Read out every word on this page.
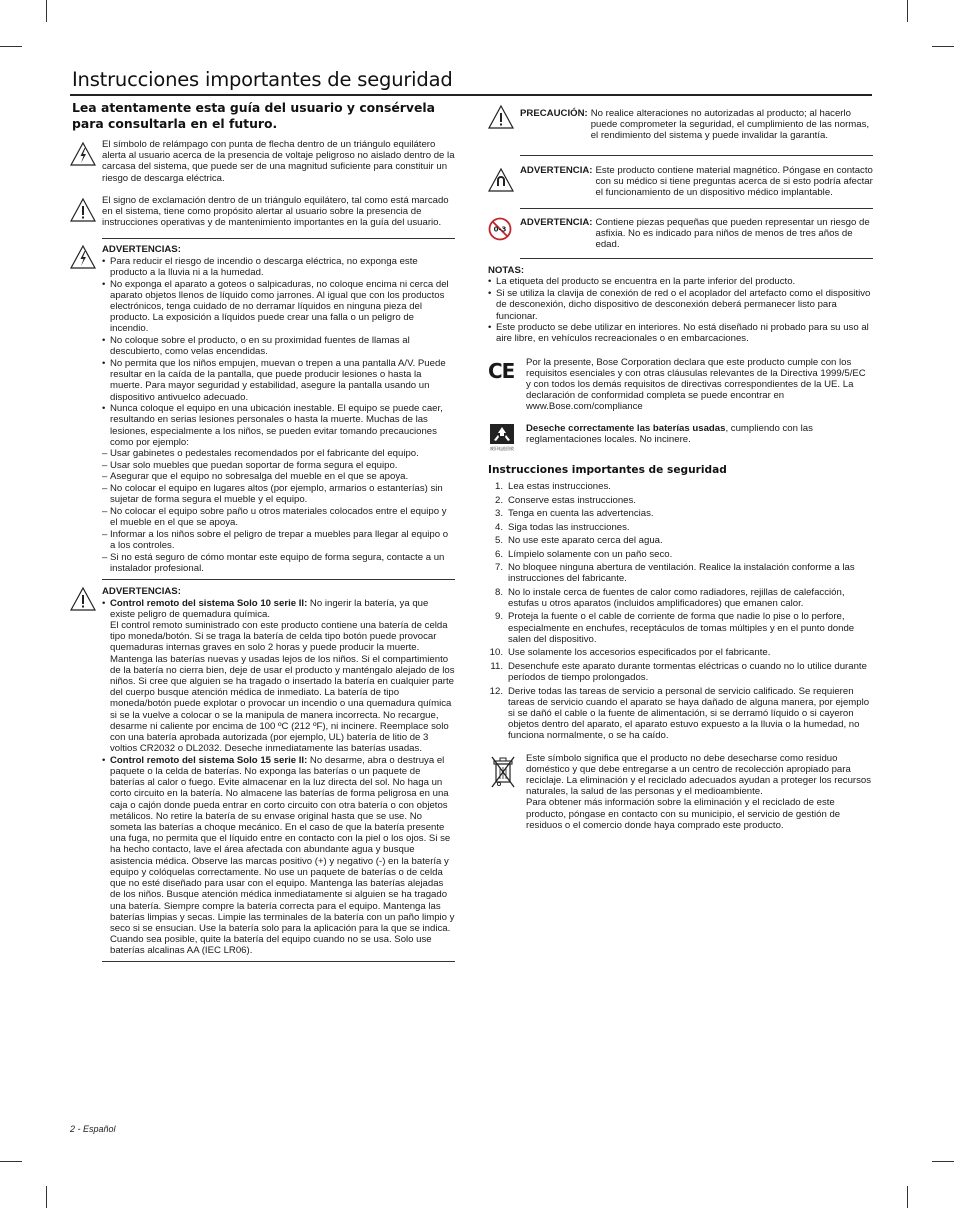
Instrucciones importantes de seguridad
Lea atentamente esta guía del usuario y consérvela para consultarla en el futuro.
El símbolo de relámpago con punta de flecha dentro de un triángulo equilátero alerta al usuario acerca de la presencia de voltaje peligroso no aislado dentro de la carcasa del sistema, que puede ser de una magnitud suficiente para constituir un riesgo de descarga eléctrica.
El signo de exclamación dentro de un triángulo equilátero, tal como está marcado en el sistema, tiene como propósito alertar al usuario sobre la presencia de instrucciones operativas y de mantenimiento importantes en la guía del usuario.
ADVERTENCIAS:
• Para reducir el riesgo de incendio o descarga eléctrica, no exponga este producto a la lluvia ni a la humedad.
• No exponga el aparato a goteos o salpicaduras, no coloque encima ni cerca del aparato objetos llenos de líquido como jarrones. Al igual que con los productos electrónicos, tenga cuidado de no derramar líquidos en ninguna pieza del producto. La exposición a líquidos puede crear una falla o un peligro de incendio.
• No coloque sobre el producto, o en su proximidad fuentes de llamas al descubierto, como velas encendidas.
• No permita que los niños empujen, muevan o trepen a una pantalla A/V. Puede resultar en la caída de la pantalla, que puede producir lesiones o hasta la muerte. Para mayor seguridad y estabilidad, asegure la pantalla usando un dispositivo antivuelco adecuado.
• Nunca coloque el equipo en una ubicación inestable. El equipo se puede caer, resultando en serias lesiones personales o hasta la muerte. Muchas de las lesiones, especialmente a los niños, se pueden evitar tomando precauciones como por ejemplo:
– Usar gabinetes o pedestales recomendados por el fabricante del equipo.
– Usar solo muebles que puedan soportar de forma segura el equipo.
– Asegurar que el equipo no sobresalga del mueble en el que se apoya.
– No colocar el equipo en lugares altos (por ejemplo, armarios o estanterías) sin sujetar de forma segura el mueble y el equipo.
– No colocar el equipo sobre paño u otros materiales colocados entre el equipo y el mueble en el que se apoya.
– Informar a los niños sobre el peligro de trepar a muebles para llegar al equipo o a los controles.
– Si no está seguro de cómo montar este equipo de forma segura, contacte a un instalador profesional.
ADVERTENCIAS:
• Control remoto del sistema Solo 10 serie II: No ingerir la batería, ya que existe peligro de quemadura química.
El control remoto suministrado con este producto contiene una batería de celda tipo moneda/botón. Si se traga la batería de celda tipo botón puede provocar quemaduras internas graves en solo 2 horas y puede producir la muerte. Mantenga las baterías nuevas y usadas lejos de los niños. Si el compartimiento de la batería no cierra bien, deje de usar el producto y manténgalo alejado de los niños. Si cree que alguien se ha tragado o insertado la batería en cualquier parte del cuerpo busque atención médica de inmediato. La batería de tipo moneda/botón puede explotar o provocar un incendio o una quemadura química si se la vuelve a colocar o se la manipula de manera incorrecta. No recargue, desarme ni caliente por encima de 100 ºC (212 ºF), ni incinere. Reemplace solo con una batería aprobada autorizada (por ejemplo, UL) batería de litio de 3 voltios CR2032 o DL2032. Deseche inmediatamente las baterías usadas.
• Control remoto del sistema Solo 15 serie II: No desarme, abra o destruya el paquete o la celda de baterías. No exponga las baterías o un paquete de baterías al calor o fuego. Evite almacenar en la luz directa del sol. No haga un corto circuito en la batería. No almacene las baterías de forma peligrosa en una caja o cajón donde pueda entrar en corto circuito con otra batería o con objetos metálicos. No retire la batería de su envase original hasta que se use. No someta las baterías a choque mecánico. En el caso de que la batería presente una fuga, no permita que el líquido entre en contacto con la piel o los ojos. Si se ha hecho contacto, lave el área afectada con abundante agua y busque asistencia médica. Observe las marcas positivo (+) y negativo (-) en la batería y equipo y colóquelas correctamente. No use un paquete de baterías o de celda que no esté diseñado para usar con el equipo. Mantenga las baterías alejadas de los niños. Busque atención médica inmediatamente si alguien se ha tragado una batería. Siempre compre la batería correcta para el equipo. Mantenga las baterías limpias y secas. Limpie las terminales de la batería con un paño limpio y seco si se ensucian. Use la batería solo para la aplicación para la que se indica. Cuando sea posible, quite la batería del equipo cuando no se usa. Solo use baterías alcalinas AA (IEC LR06).
PRECAUCIÓN: No realice alteraciones no autorizadas al producto; al hacerlo puede comprometer la seguridad, el cumplimiento de las normas, el rendimiento del sistema y puede invalidar la garantía.
ADVERTENCIA: Este producto contiene material magnético. Póngase en contacto con su médico si tiene preguntas acerca de si esto podría afectar el funcionamiento de un dispositivo médico implantable.
0-3
ADVERTENCIA: Contiene piezas pequeñas que pueden representar un riesgo de asfixia. No es indicado para niños de menos de tres años de edad.
NOTAS:
• La etiqueta del producto se encuentra en la parte inferior del producto.
• Si se utiliza la clavija de conexión de red o el acoplador del artefacto como el dispositivo de desconexión, dicho dispositivo de desconexión deberá permanecer listo para funcionar.
• Este producto se debe utilizar en interiores. No está diseñado ni probado para su uso al aire libre, en vehículos recreacionales o en embarcaciones.
CE	Por la presente, Bose Corporation declara que este producto cumple con los requisitos esenciales y con otras cláusulas relevantes de la Directiva 1999/5/EC y con todos los demás requisitos de directivas correspondientes de la UE. La declaración de conformidad completa se puede encontrar en www.Bose.com/compliance
废旧电池回收
Deseche correctamente las baterías usadas, cumpliendo con las reglamentaciones locales. No incinere.
Instrucciones importantes de seguridad
1. Lea estas instrucciones.
2. Conserve estas instrucciones.
3. Tenga en cuenta las advertencias.
4. Siga todas las instrucciones.
5. No use este aparato cerca del agua.
6. Límpielo solamente con un paño seco.
7. No bloquee ninguna abertura de ventilación. Realice la instalación conforme a las instrucciones del fabricante.
8. No lo instale cerca de fuentes de calor como radiadores, rejillas de calefacción, estufas u otros aparatos (incluidos amplificadores) que emanen calor.
9. Proteja la fuente o el cable de corriente de forma que nadie lo pise o lo perfore, especialmente en enchufes, receptáculos de tomas múltiples y en el punto donde salen del dispositivo.
10. Use solamente los accesorios especificados por el fabricante.
11. Desenchufe este aparato durante tormentas eléctricas o cuando no lo utilice durante períodos de tiempo prolongados.
12. Derive todas las tareas de servicio a personal de servicio calificado. Se requieren tareas de servicio cuando el aparato se haya dañado de alguna manera, por ejemplo si se dañó el cable o la fuente de alimentación, si se derramó líquido o si cayeron objetos dentro del aparato, el aparato estuvo expuesto a la lluvia o la humedad, no funciona normalmente, o se ha caído.
Este símbolo significa que el producto no debe desecharse como residuo doméstico y que debe entregarse a un centro de recolección apropiado para reciclaje. La eliminación y el reciclado adecuados ayudan a proteger los recursos naturales, la salud de las personas y el medioambiente.
Para obtener más información sobre la eliminación y el reciclado de este producto, póngase en contacto con su municipio, el servicio de gestión de residuos o el comercio donde haya comprado este producto.
2 - Español
